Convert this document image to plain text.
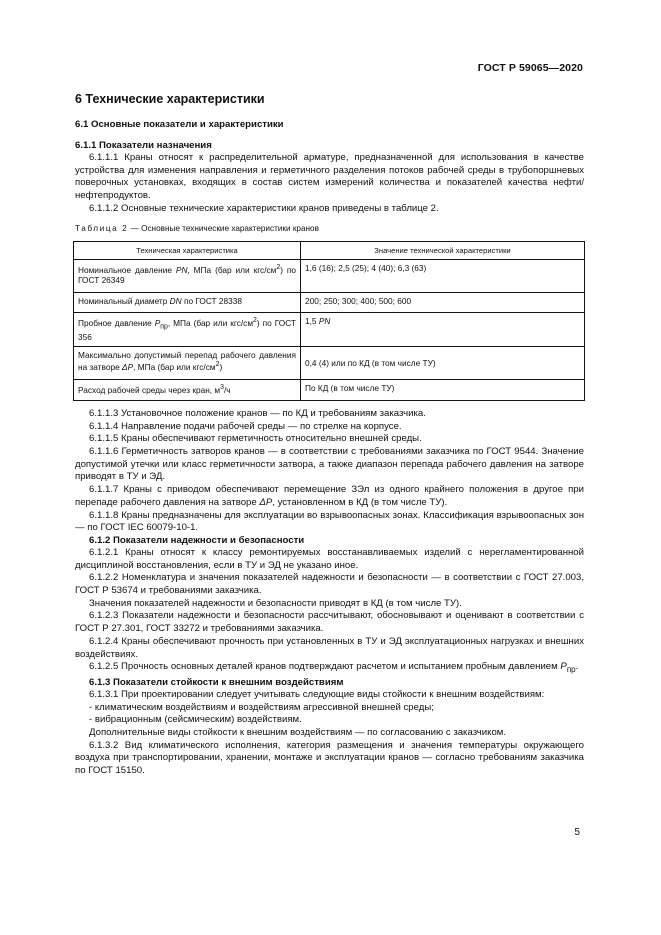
ГОСТ Р 59065—2020
6 Технические характеристики
6.1 Основные показатели и характеристики
6.1.1 Показатели назначения

6.1.1.1 Краны относят к распределительной арматуре, предназначенной для использования в качестве устройства для изменения направления и герметичного разделения потоков рабочей среды в трубопоршневых поверочных установках, входящих в состав систем измерений количества и показателей качества нефти/нефтепродуктов.

6.1.1.2 Основные технические характеристики кранов приведены в таблице 2.

Таблица 2 — Основные технические характеристики кранов
Техническая характеристика	Значение технической характеристики
Номинальное давление PN, МПа (бар или кгс/$см^2$) по ГОСТ 26349	1,6 (16); 2,5 (25); 4 (40); 6,3 (63)
Номинальный диаметр DN по ГОСТ 28338	200; 250; 300; 400; 500; 600
Пробное давление $P_{пр}$, МПа (бар или кгс/$см^2$) по ГОСТ 356	1,5 PN
Максимально допустимый перепад рабочего давления на затворе ΔP, МПа (бар или кгс/$см^2$)	0,4 (4) или по КД (в том числе ТУ)
Расход рабочей среды через кран, $м^3/ч$	По КД (в том числе ТУ)

6.1.1.3 Установочное положение кранов — по КД и требованиям заказчика.

6.1.1.4 Направление подачи рабочей среды — по стрелке на корпусе.

6.1.1.5 Краны обеспечивают герметичность относительно внешней среды.

6.1.1.6 Герметичность затворов кранов — в соответствии с требованиями заказчика по ГОСТ 9544. Значение допустимой утечки или класс герметичности затвора, а также диапазон перепада рабочего давления на затворе приводят в ТУ и ЭД.

6.1.1.7 Краны с приводом обеспечивают перемещение ЗЭл из одного крайнего положения в другое при перепаде рабочего давления на затворе ΔP, установленном в КД (в том числе ТУ).

6.1.1.8 Краны предназначены для эксплуатации во взрывоопасных зонах. Классификация взрывоопасных зон — по ГОСТ IEC 60079-10-1.

6.1.2 Показатели надежности и безопасности

6.1.2.1 Краны относят к классу ремонтируемых восстанавливаемых изделий с нерегламентированной дисциплиной восстановления, если в ТУ и ЭД не указано иное.

6.1.2.2 Номенклатура и значения показателей надежности и безопасности — в соответствии с ГОСТ 27.003, ГОСТ Р 53674 и требованиями заказчика.

Значения показателей надежности и безопасности приводят в КД (в том числе ТУ).

6.1.2.3 Показатели надежности и безопасности рассчитывают, обосновывают и оценивают в соответствии с ГОСТ Р 27.301, ГОСТ 33272 и требованиями заказчика.

6.1.2.4 Краны обеспечивают прочность при установленных в ТУ и ЭД эксплуатационных нагрузках и внешних воздействиях.

6.1.2.5 Прочность основных деталей кранов подтверждают расчетом и испытанием пробным давлением $P_{пр}$.

6.1.3 Показатели стойкости к внешним воздействиям

6.1.3.1 При проектировании следует учитывать следующие виды стойкости к внешним воздействиям:

- климатическим воздействиям и воздействиям агрессивной внешней среды;

- вибрационным (сейсмическим) воздействиям.

Дополнительные виды стойкости к внешним воздействиям — по согласованию с заказчиком.

6.1.3.2 Вид климатического исполнения, категория размещения и значения температуры окружающего воздуха при транспортировании, хранении, монтаже и эксплуатации кранов — согласно требованиям заказчика по ГОСТ 15150.

5
